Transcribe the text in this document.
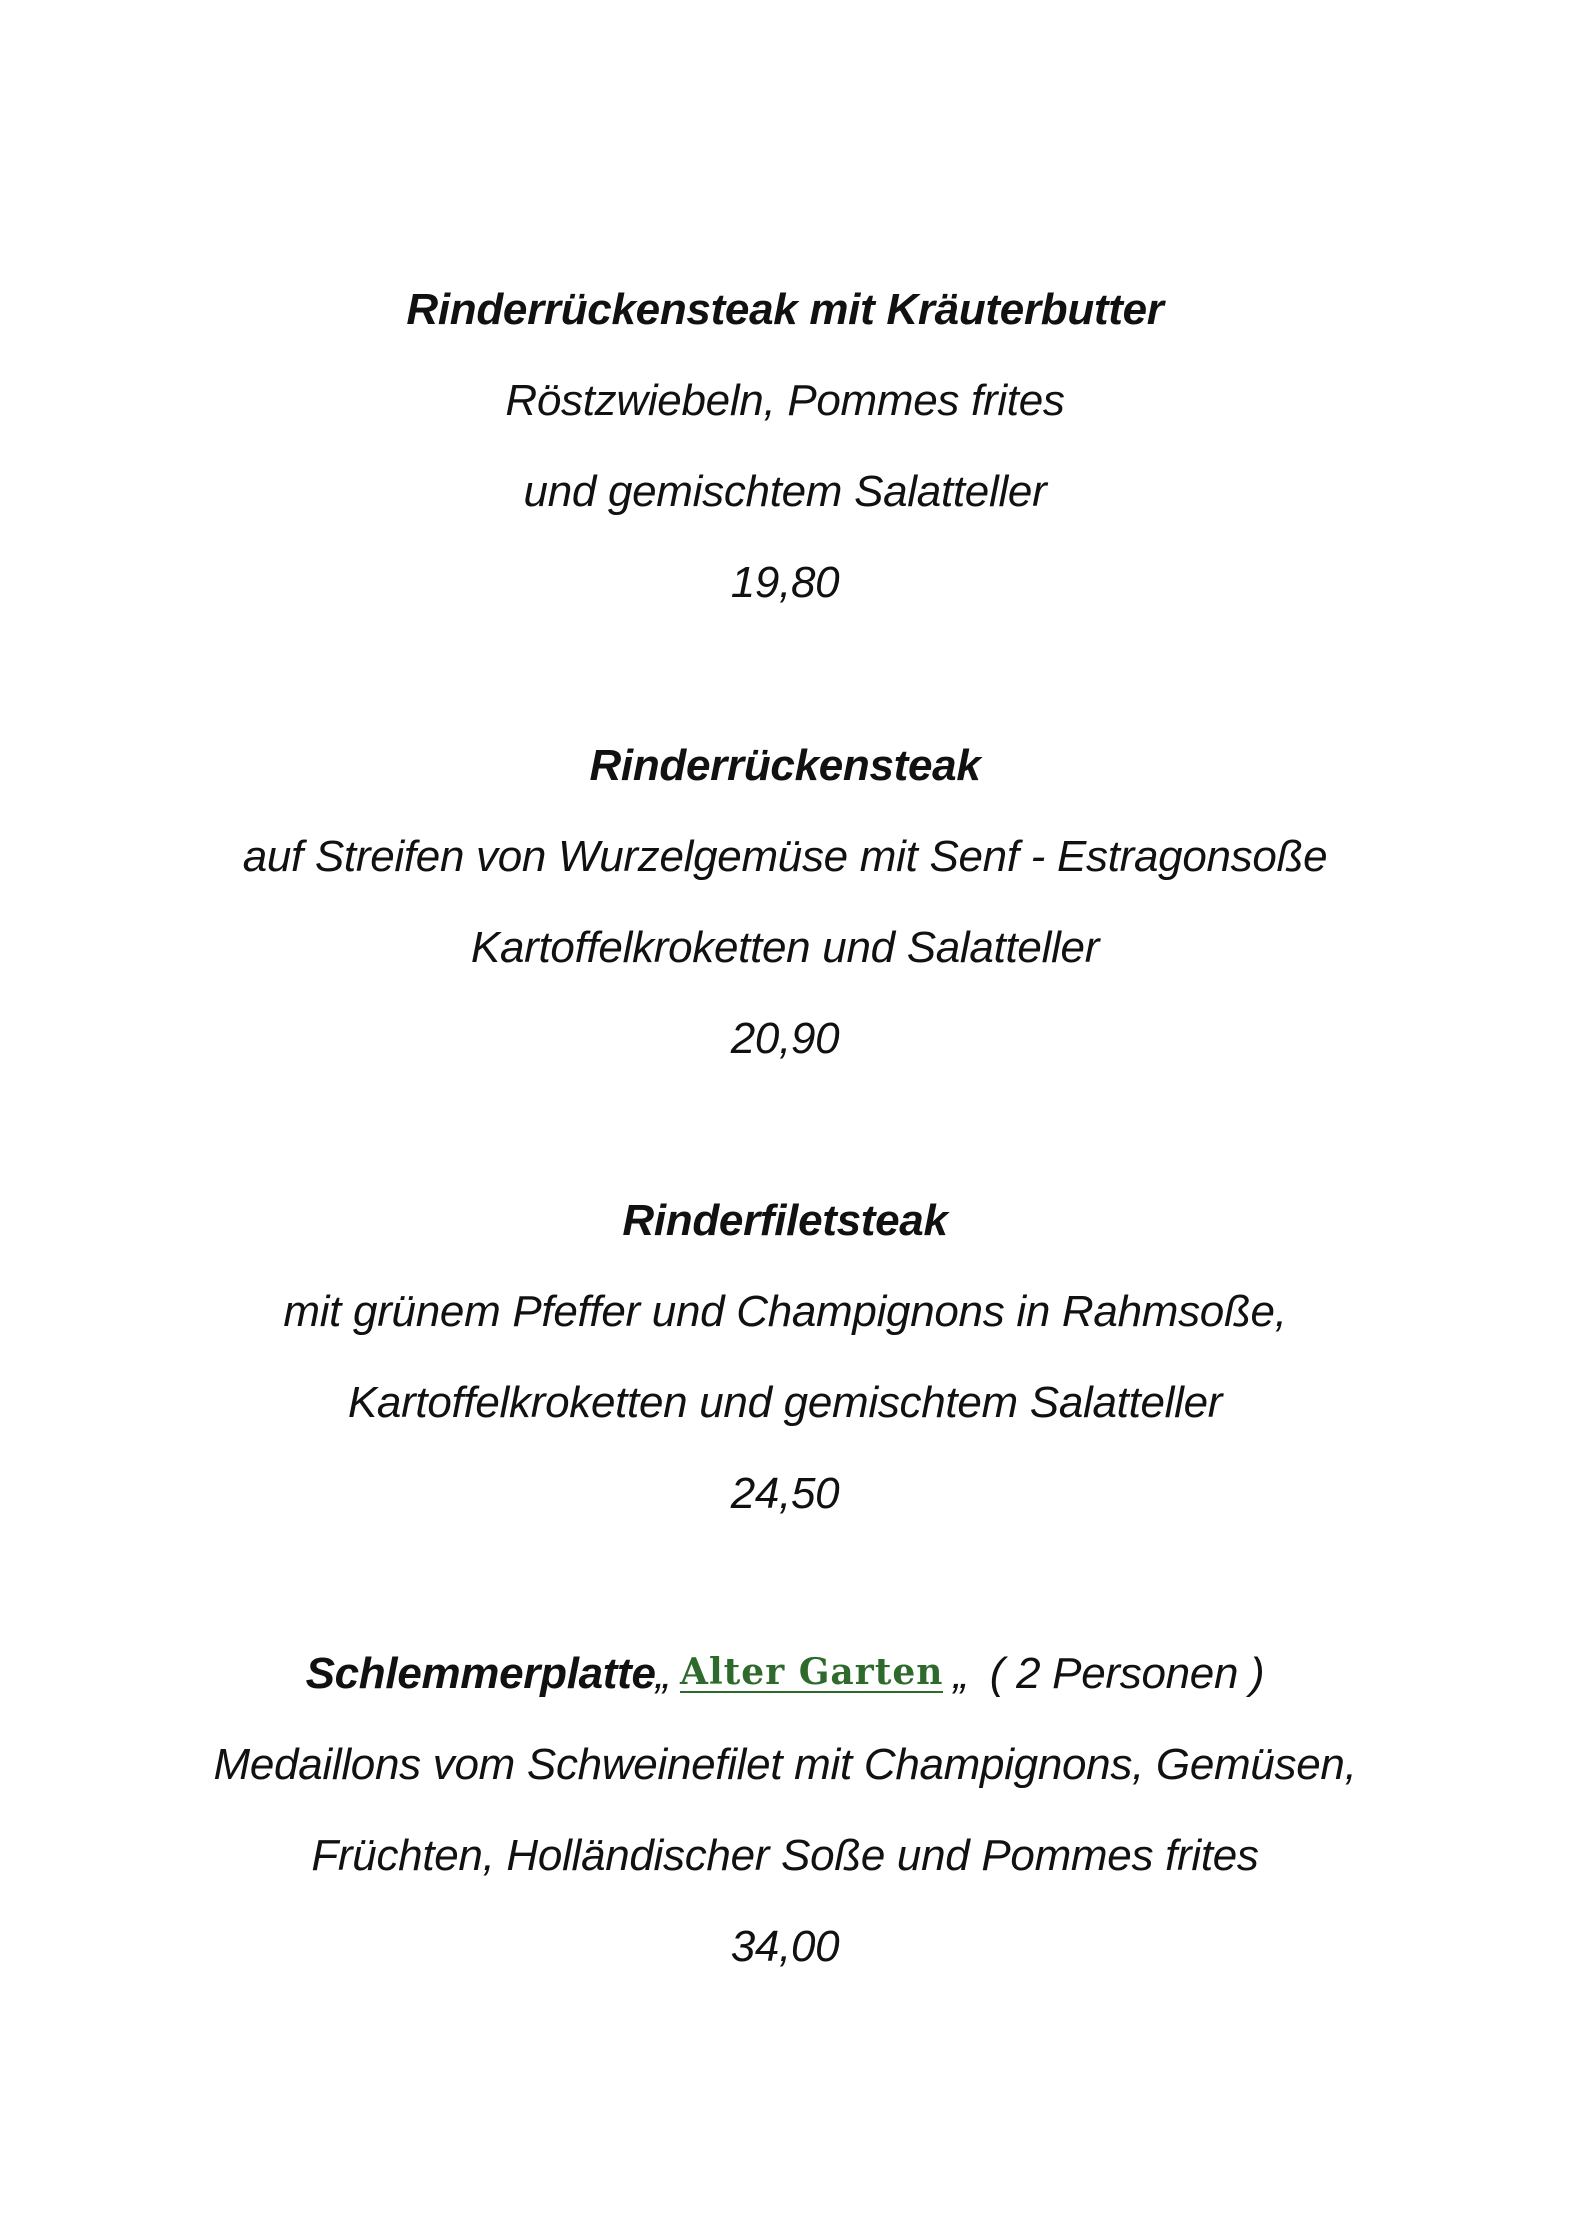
Rinderrückensteak mit Kräuterbutter
Röstzwiebeln, Pommes frites
und gemischtem Salatteller
19,80
Rinderrückensteak
auf Streifen von Wurzelgemüse mit Senf - Estragonsoße
Kartoffelkroketten und Salatteller
20,90
Rinderfiletsteak
mit grünem Pfeffer und Champignons in Rahmsoße,
Kartoffelkroketten und gemischtem Salatteller
24,50
Schlemmerplatte„ Alter Garten „ ( 2 Personen )
Medaillons vom Schweinefilet mit Champignons, Gemüsen,
Früchten, Holländischer Soße und Pommes frites
34,00
